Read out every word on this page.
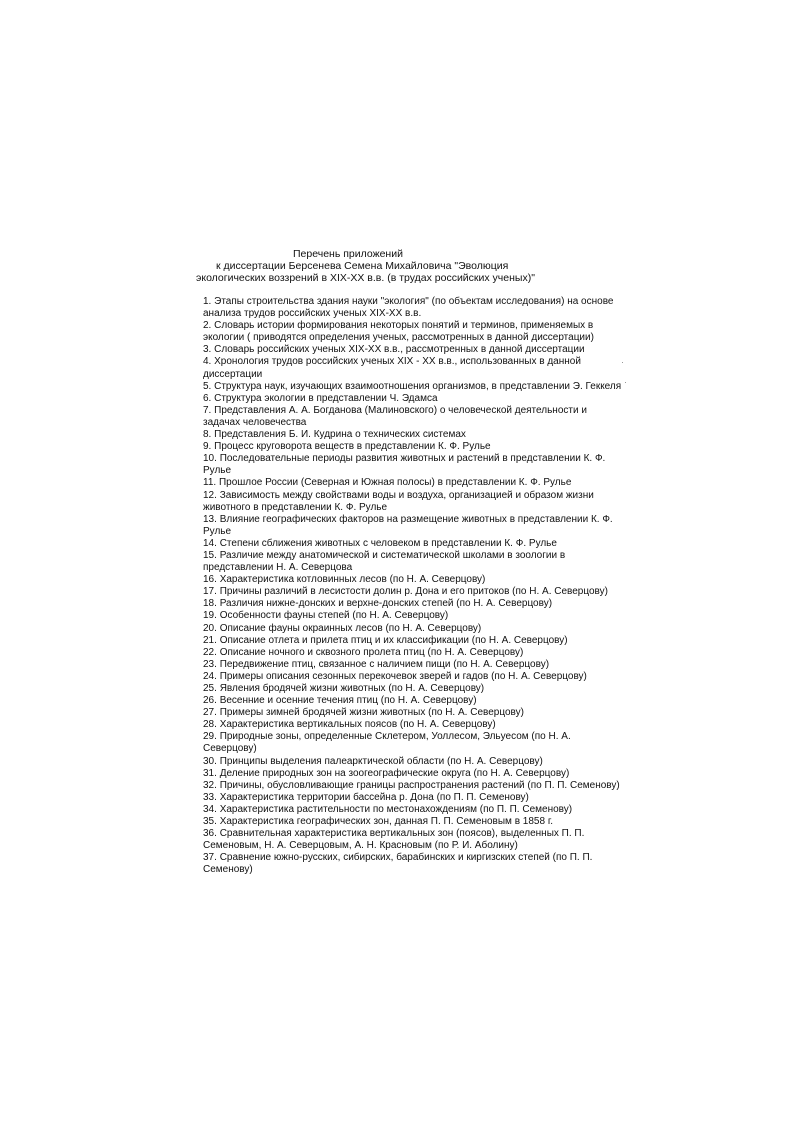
Перечень приложений
к диссертации Берсенева Семена Михайловича "Эволюция
экологических воззрений в XIX-XX в.в. (в трудах российских ученых)"
1. Этапы строительства здания науки "экология" (по объектам исследования) на основе анализа трудов российских ученых XIX-XX в.в.
2. Словарь истории формирования некоторых понятий и терминов, применяемых в экологии ( приводятся определения ученых, рассмотренных в данной диссертации)
3. Словарь российских ученых XIX-XX в.в., рассмотренных в данной диссертации
4. Хронология трудов российских ученых XIX - XX в.в., использованных в данной диссертации
5. Структура наук, изучающих взаимоотношения организмов, в представлении Э. Геккеля
6. Структура экологии в представлении Ч. Эдамса
7. Представления А. А. Богданова (Малиновского) о человеческой деятельности и задачах человечества
8. Представления Б. И. Кудрина о технических системах
9. Процесс круговорота веществ в представлении К. Ф. Рулье
10. Последовательные периоды развития животных и растений в представлении К. Ф. Рулье
11. Прошлое России (Северная и Южная полосы) в представлении К. Ф. Рулье
12. Зависимость между свойствами воды и воздуха, организацией и образом жизни животного в представлении К. Ф. Рулье
13. Влияние географических факторов на размещение животных в представлении К. Ф. Рулье
14. Степени сближения животных с человеком в представлении К. Ф. Рулье
15. Различие между анатомической и систематической школами в зоологии в представлении Н. А. Северцова
16. Характеристика котловинных лесов (по Н. А. Северцову)
17. Причины различий в лесистости долин р. Дона и его притоков (по Н. А. Северцову)
18. Различия нижне-донских и верхне-донских степей (по Н. А. Северцову)
19. Особенности фауны степей (по Н. А. Северцову)
20. Описание фауны окраинных лесов (по Н. А. Северцову)
21. Описание отлета и прилета птиц и их классификации (по Н. А. Северцову)
22. Описание ночного и сквозного пролета птиц (по Н. А. Северцову)
23. Передвижение птиц, связанное с наличием пищи (по Н. А. Северцову)
24. Примеры описания сезонных перекочевок зверей и гадов (по Н. А. Северцову)
25. Явления бродячей жизни животных (по Н. А. Северцову)
26. Весенние и осенние течения птиц (по Н. А. Северцову)
27. Примеры зимней бродячей жизни животных (по Н. А. Северцову)
28. Характеристика вертикальных поясов (по Н. А. Северцову)
29. Природные зоны, определенные Склетером, Уоллесом, Эльуесом (по Н. А. Северцову)
30. Принципы выделения палеарктической области (по Н. А. Северцову)
31. Деление природных зон на зоогеографические округа (по Н. А. Северцову)
32. Причины, обусловливающие границы распространения растений (по П. П. Семенову)
33. Характеристика территории бассейна р. Дона (по П. П. Семенову)
34. Характеристика растительности по местонахождениям (по П. П. Семенову)
35. Характеристика географических зон, данная П. П. Семеновым в 1858 г.
36. Сравнительная характеристика вертикальных зон (поясов), выделенных П. П. Семеновым, Н. А. Северцовым, А. Н. Красновым (по Р. И. Аболину)
37. Сравнение южно-русских, сибирских, барабинских и киргизских степей (по П. П. Семенову)
·
·
